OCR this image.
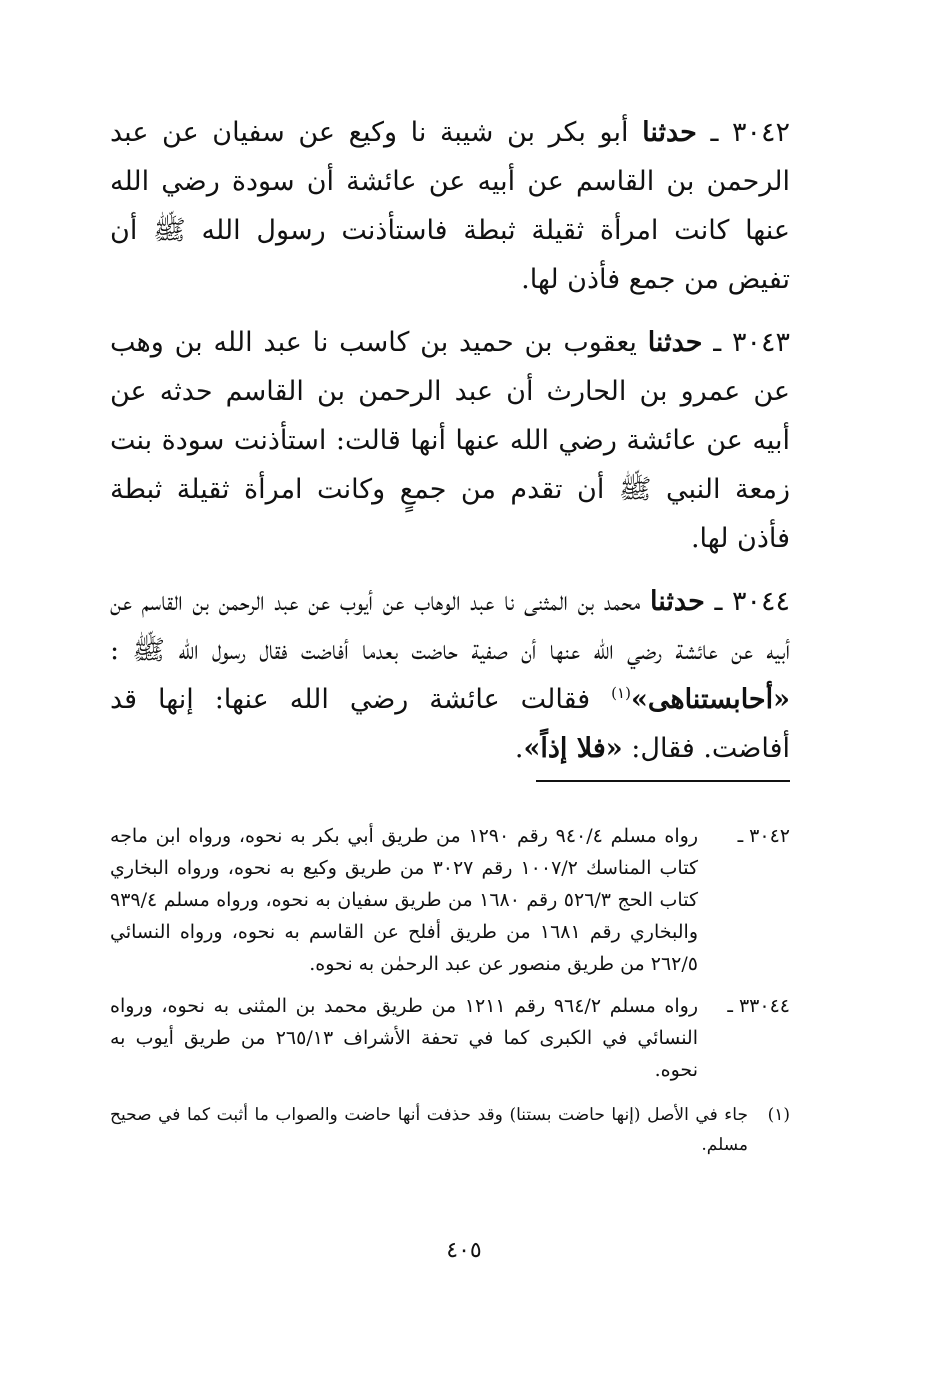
٣٠٤٢ ـ حدثنا أبو بكر بن شيبة نا وكيع عن سفيان عن عبد الرحمن بن القاسم عن أبيه عن عائشة أن سودة رضي الله عنها كانت امرأة ثقيلة ثبطة فاستأذنت رسول الله ﷺ أن تفيض من جمع فأذن لها.

٣٠٤٣ ـ حدثنا يعقوب بن حميد بن كاسب نا عبد الله بن وهب عن عمرو بن الحارث أن عبد الرحمن بن القاسم حدثه عن أبيه عن عائشة رضي الله عنها أنها قالت: استأذنت سودة بنت زمعة النبي ﷺ أن تقدم من جمعٍ وكانت امرأة ثقيلة ثبطة فأذن لها.

٣٠٤٤ ـ حدثنا محمد بن المثنى نا عبد الوهاب عن أيوب عن عبد الرحمن بن القاسم عن أبيه عن عائشة رضي الله عنها أن صفية حاضت بعدما أفاضت فقال رسول الله ﷺ : «أحابستناهى»$^{(١)}$ فقالت عائشة رضي الله عنها: إنها قد أفاضت. فقال: «فلا إذاً».

٣٠٤٢ ـ
رواه مسلم ٩٤٠/٤ رقم ١٢٩٠ من طريق أبي بكر به نحوه، ورواه ابن ماجه كتاب المناسك ١٠٠٧/٢ رقم ٣٠٢٧ من طريق وكيع به نحوه، ورواه البخاري كتاب الحج ٥٢٦/٣ رقم ١٦٨٠ من طريق سفيان به نحوه، ورواه مسلم ٩٣٩/٤ والبخاري رقم ١٦٨١ من طريق أفلح عن القاسم به نحوه، ورواه النسائي ٢٦٢/٥ من طريق منصور عن عبد الرحمٰن به نحوه.

٣٣٠٤٤ ـ
رواه مسلم ٩٦٤/٢ رقم ١٢١١ من طريق محمد بن المثنى به نحوه، ورواه النسائي في الكبرى كما في تحفة الأشراف ٢٦٥/١٣ من طريق أيوب به نحوه.

(١)
جاء في الأصل (إنها حاضت بستنا) وقد حذفت أنها حاضت والصواب ما أثبت كما في صحيح مسلم.

٤٠٥
